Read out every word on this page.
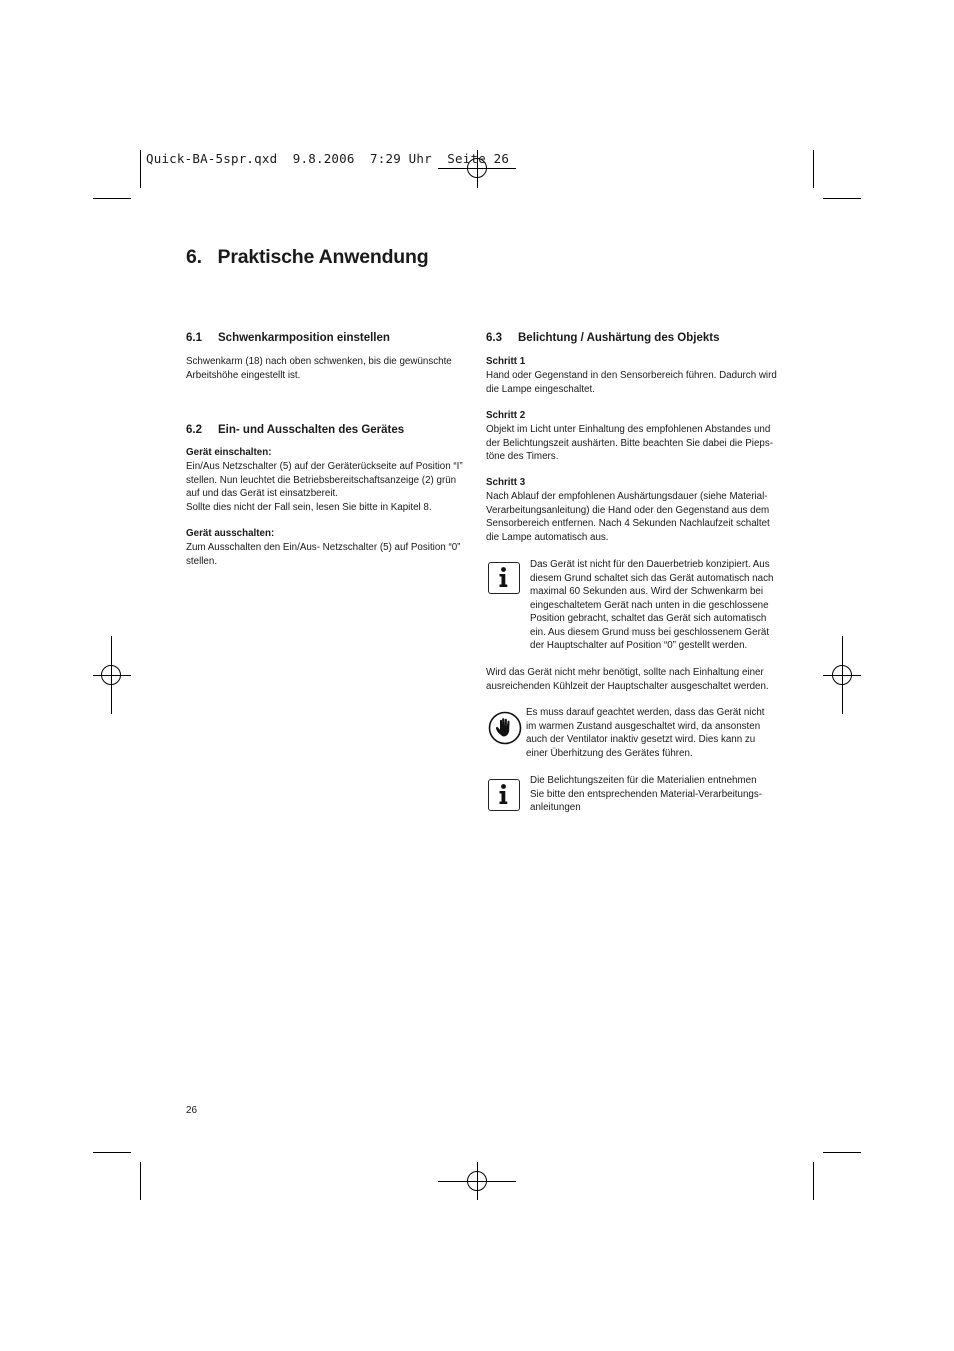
Quick-BA-5spr.qxd  9.8.2006  7:29 Uhr  Seite 26
6.   Praktische Anwendung
6.1 Schwenkarmposition einstellen
Schwenkarm (18) nach oben schwenken, bis die gewünschte
Arbeitshöhe eingestellt ist.
6.2 Ein- und Ausschalten des Gerätes
Gerät einschalten:
Ein/Aus Netzschalter (5) auf der Geräterückseite auf Position “I”
stellen. Nun leuchtet die Betriebsbereitschaftsanzeige (2) grün
auf und das Gerät ist einsatzbereit.
Sollte dies nicht der Fall sein, lesen Sie bitte in Kapitel 8.
Gerät ausschalten:
Zum Ausschalten den Ein/Aus- Netzschalter (5) auf Position “0”
stellen.
6.3 Belichtung / Aushärtung des Objekts
Schritt 1
Hand oder Gegenstand in den Sensorbereich führen. Dadurch wird
die Lampe eingeschaltet.
Schritt 2
Objekt im Licht unter Einhaltung des empfohlenen Abstandes und
der Belichtungszeit aushärten. Bitte beachten Sie dabei die Pieps-
töne des Timers.
Schritt 3
Nach Ablauf der empfohlenen Aushärtungsdauer (siehe Material-
Verarbeitungsanleitung) die Hand oder den Gegenstand aus dem
Sensorbereich entfernen. Nach 4 Sekunden Nachlaufzeit schaltet
die Lampe automatisch aus.
Das Gerät ist nicht für den Dauerbetrieb konzipiert. Aus
diesem Grund schaltet sich das Gerät automatisch nach
maximal 60 Sekunden aus. Wird der Schwenkarm bei
eingeschaltetem Gerät nach unten in die geschlossene
Position gebracht, schaltet das Gerät sich automatisch
ein. Aus diesem Grund muss bei geschlossenem Gerät
der Hauptschalter auf Position “0” gestellt werden.
Wird das Gerät nicht mehr benötigt, sollte nach Einhaltung einer
ausreichenden Kühlzeit der Hauptschalter ausgeschaltet werden.
Es muss darauf geachtet werden, dass das Gerät nicht
im warmen Zustand ausgeschaltet wird, da ansonsten
auch der Ventilator inaktiv gesetzt wird. Dies kann zu
einer Überhitzung des Gerätes führen.
Die Belichtungszeiten für die Materialien entnehmen
Sie bitte den entsprechenden Material-Verarbeitungs-
anleitungen
26
